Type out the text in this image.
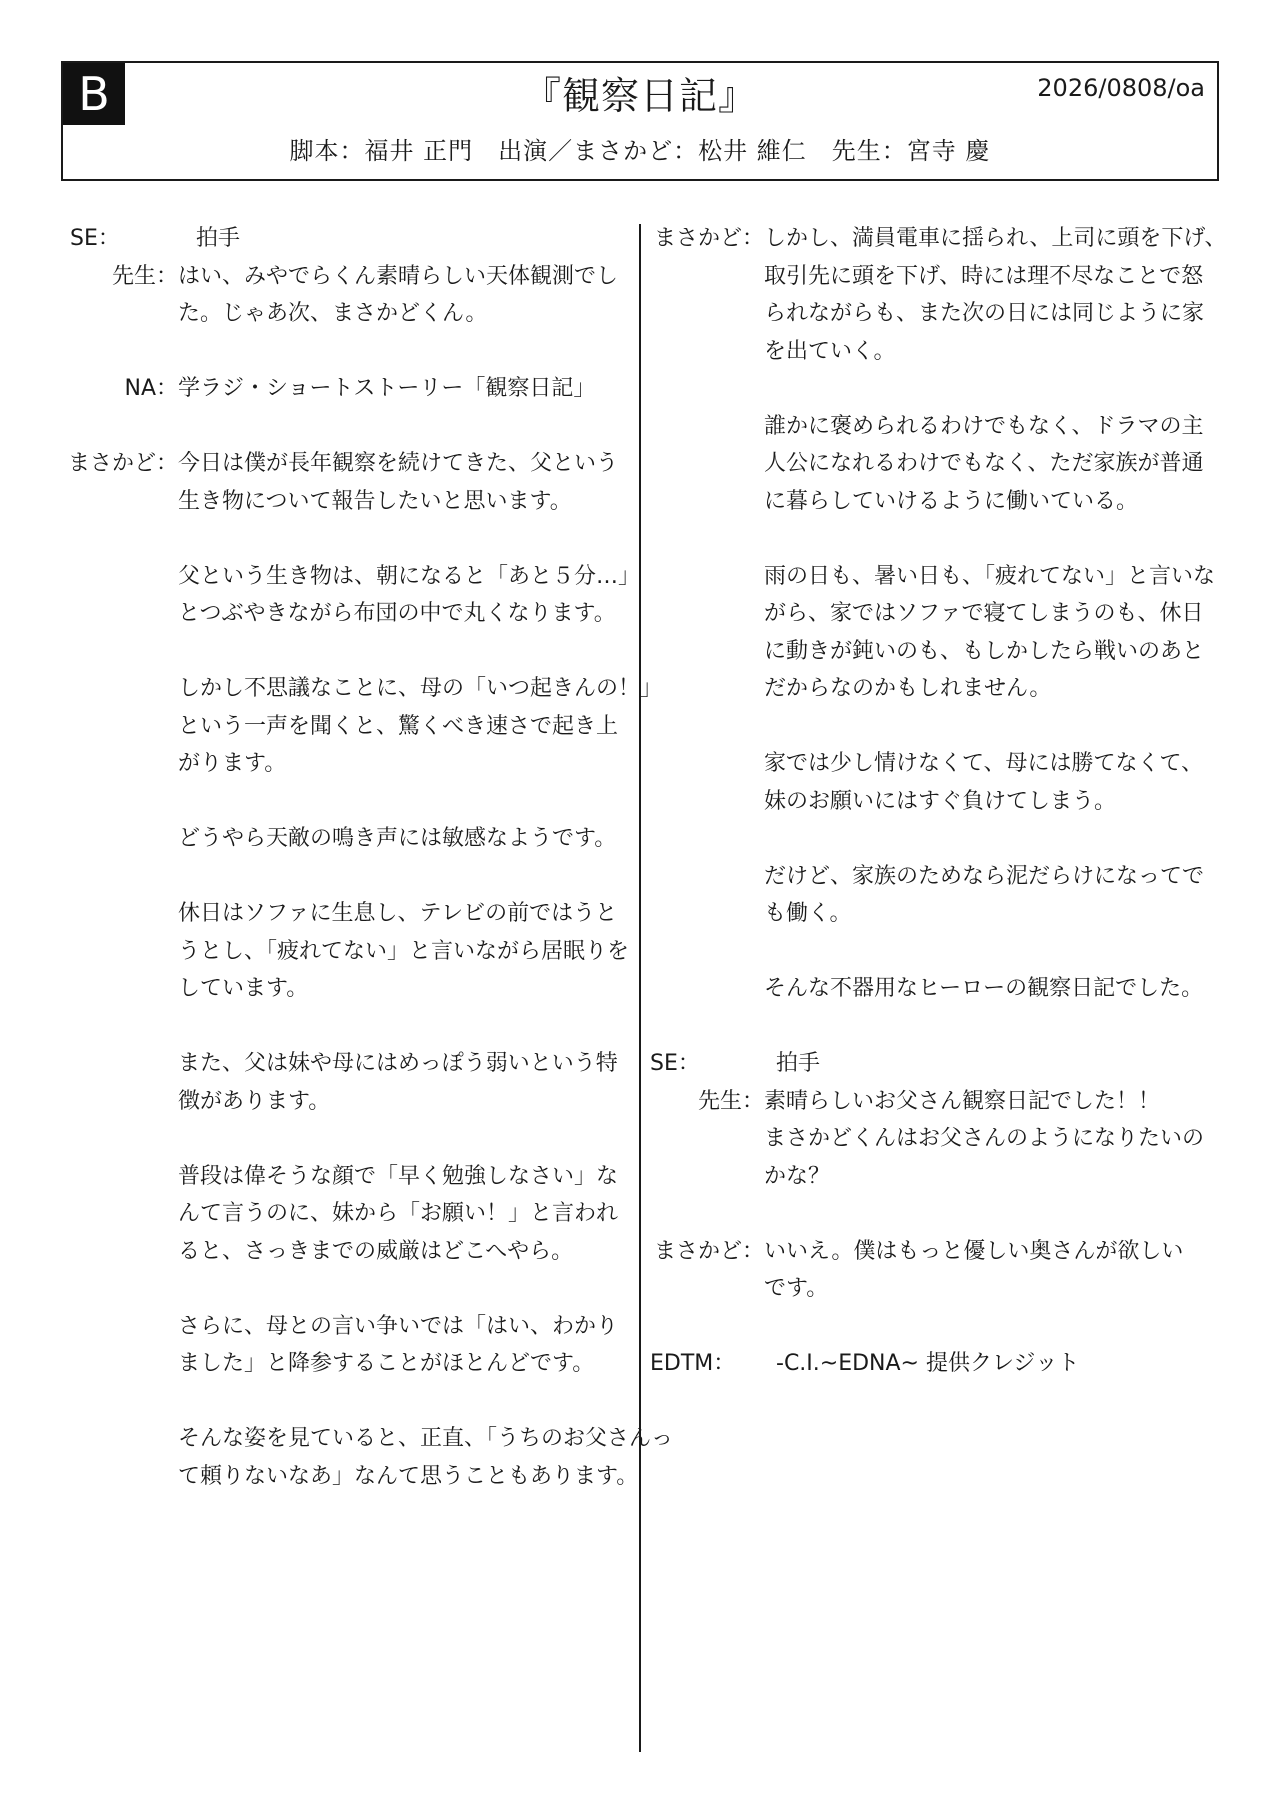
B	『観察日記』	2026/0808/oa
脚本：福井 正門　出演／まさかど：松井 維仁　先生：宮寺 慶
SE：	拍手
先生： はい、みやでらくん素晴らしい天体観測でし
た。じゃあ次、まさかどくん。
NA： 学ラジ・ショートストーリー「観察日記」
まさかど： 今日は僕が長年観察を続けてきた、父という
生き物について報告したいと思います。
父という生き物は、朝になると「あと５分…」
とつぶやきながら布団の中で丸くなります。
しかし不思議なことに、母の「いつ起きんの！」
という一声を聞くと、驚くべき速さで起き上
がります。
どうやら天敵の鳴き声には敏感なようです。
休日はソファに生息し、テレビの前ではうと
うとし、「疲れてない」と言いながら居眠りを
しています。
また、父は妹や母にはめっぽう弱いという特
徴があります。
普段は偉そうな顔で「早く勉強しなさい」な
んて言うのに、妹から「お願い！」と言われ
ると、さっきまでの威厳はどこへやら。
さらに、母との言い争いでは「はい、わかり
ました」と降参することがほとんどです。
そんな姿を見ていると、正直、「うちのお父さんっ
て頼りないなあ」なんて思うこともあります。
まさかど： しかし、満員電車に揺られ、上司に頭を下げ、
取引先に頭を下げ、時には理不尽なことで怒
られながらも、また次の日には同じように家
を出ていく。
誰かに褒められるわけでもなく、ドラマの主
人公になれるわけでもなく、ただ家族が普通
に暮らしていけるように働いている。
雨の日も、暑い日も、「疲れてない」と言いな
がら、家ではソファで寝てしまうのも、休日
に動きが鈍いのも、もしかしたら戦いのあと
だからなのかもしれません。
家では少し情けなくて、母には勝てなくて、
妹のお願いにはすぐ負けてしまう。
だけど、家族のためなら泥だらけになってで
も働く。
そんな不器用なヒーローの観察日記でした。
SE：	拍手
先生： 素晴らしいお父さん観察日記でした！！
まさかどくんはお父さんのようになりたいの
かな？
まさかど： いいえ。僕はもっと優しい奥さんが欲しい
です。
EDTM：	-C.I.~EDNA~ 提供クレジット
